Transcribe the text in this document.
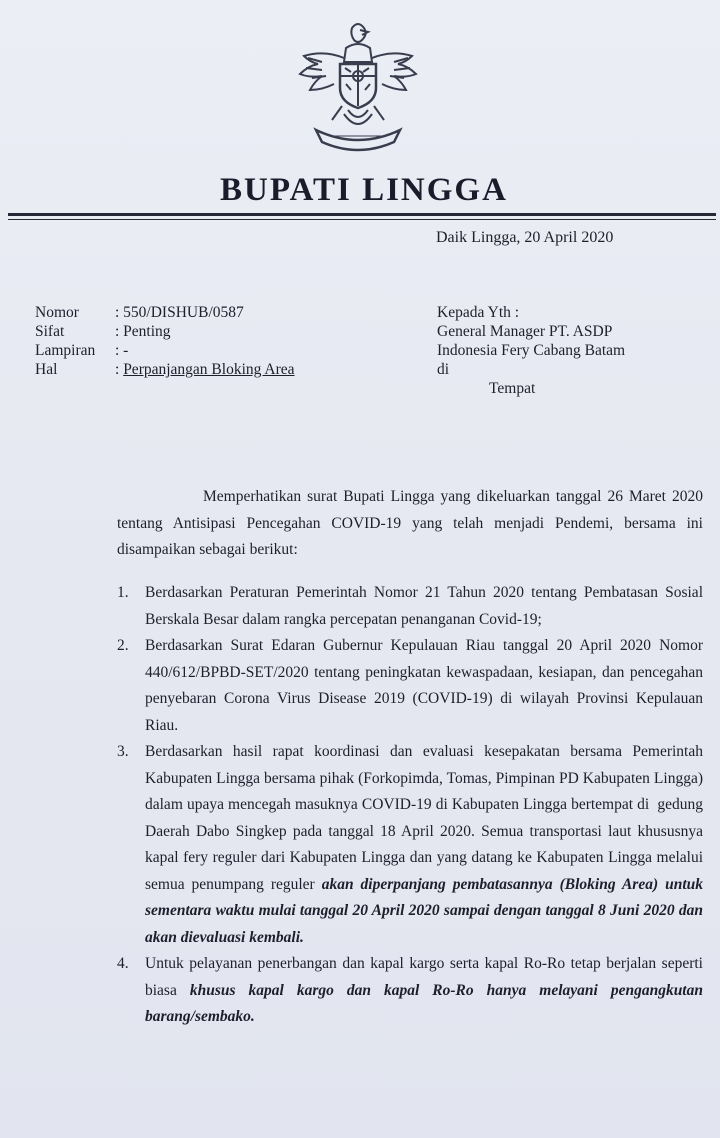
BUPATI LINGGA
Daik Lingga, 20 April 2020
Nomor	: 550/DISHUB/0587
Sifat	: Penting
Lampiran	: -
Hal	: Perpanjangan Bloking Area
Kepada Yth :
General Manager PT. ASDP
Indonesia Fery Cabang Batam
di
Tempat

Memperhatikan surat Bupati Lingga yang dikeluarkan tanggal 26 Maret 2020 tentang Antisipasi Pencegahan COVID-19 yang telah menjadi Pendemi, bersama ini disampaikan sebagai berikut:

1. Berdasarkan Peraturan Pemerintah Nomor 21 Tahun 2020 tentang Pembatasan Sosial Berskala Besar dalam rangka percepatan penanganan Covid-19;
2. Berdasarkan Surat Edaran Gubernur Kepulauan Riau tanggal 20 April 2020 Nomor 440/612/BPBD-SET/2020 tentang peningkatan kewaspadaan, kesiapan, dan pencegahan penyebaran Corona Virus Disease 2019 (COVID-19) di wilayah Provinsi Kepulauan Riau.
3. Berdasarkan hasil rapat koordinasi dan evaluasi kesepakatan bersama Pemerintah Kabupaten Lingga bersama pihak (Forkopimda, Tomas, Pimpinan PD Kabupaten Lingga) dalam upaya mencegah masuknya COVID-19 di Kabupaten Lingga bertempat di  gedung Daerah Dabo Singkep pada tanggal 18 April 2020. Semua transportasi laut khususnya kapal fery reguler dari Kabupaten Lingga dan yang datang ke Kabupaten Lingga melalui semua penumpang reguler akan diperpanjang pembatasannya (Bloking Area) untuk sementara waktu mulai tanggal 20 April 2020 sampai dengan tanggal 8 Juni 2020 dan akan dievaluasi kembali.
4. Untuk pelayanan penerbangan dan kapal kargo serta kapal Ro-Ro tetap berjalan seperti biasa khusus kapal kargo dan kapal Ro-Ro hanya melayani pengangkutan barang/sembako.
